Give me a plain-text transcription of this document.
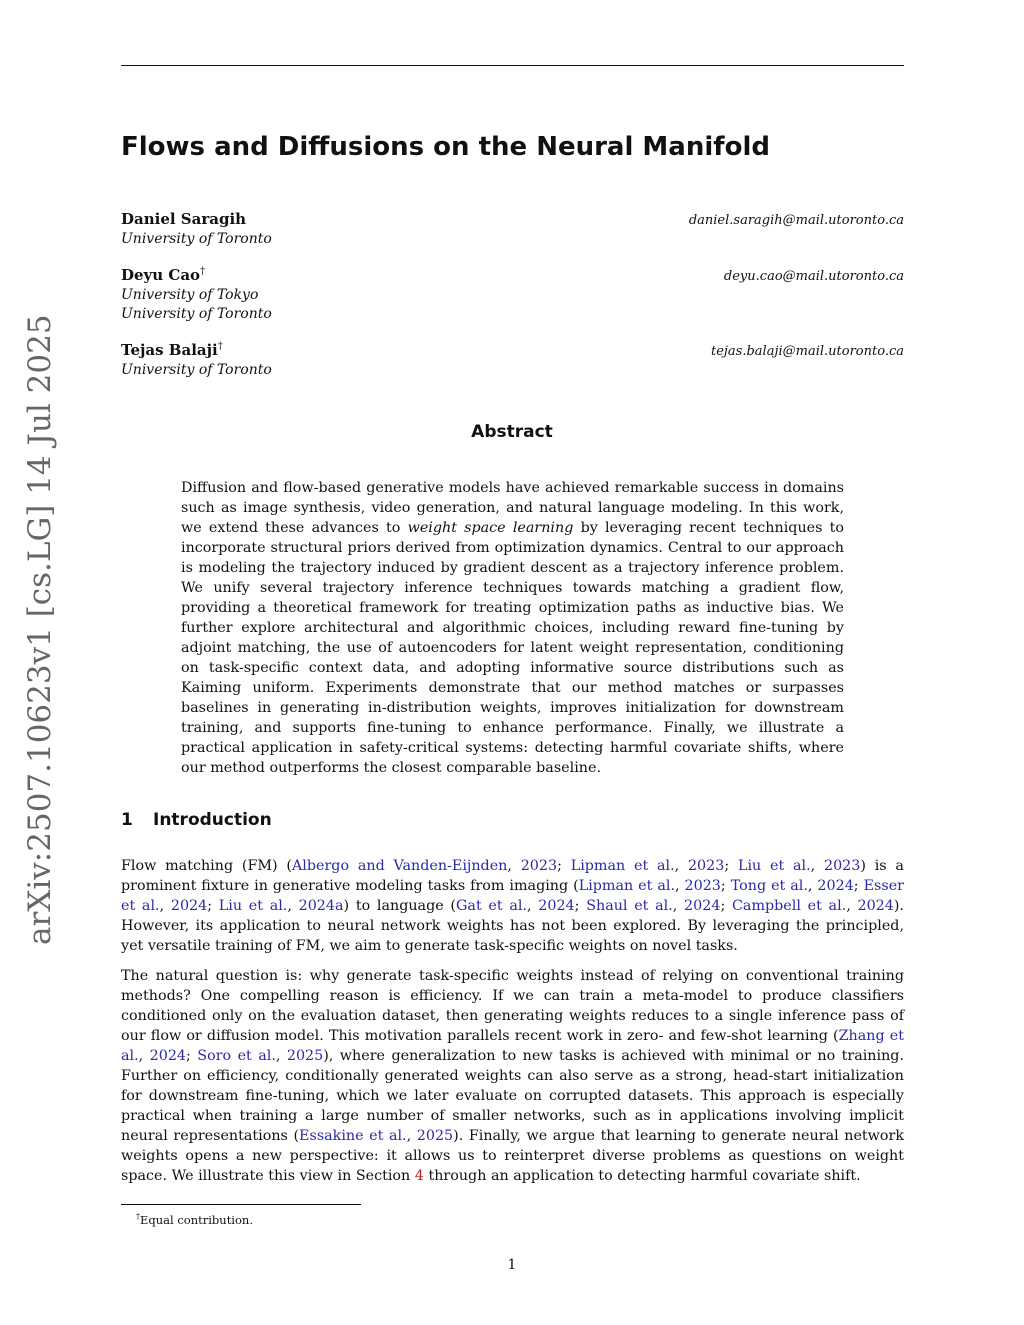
arXiv:2507.10623v1 [cs.LG] 14 Jul 2025
Flows and Diffusions on the Neural Manifold
Daniel Saragih	daniel.saragih@mail.utoronto.ca
University of Toronto
Deyu Cao†	deyu.cao@mail.utoronto.ca
University of Tokyo
University of Toronto
Tejas Balaji†	tejas.balaji@mail.utoronto.ca
University of Toronto
Abstract

Diffusion and flow-based generative models have achieved remarkable success in domains such as image synthesis, video generation, and natural language modeling. In this work, we extend these advances to weight space learning by leveraging recent techniques to incorporate structural priors derived from optimization dynamics. Central to our approach is modeling the trajectory induced by gradient descent as a trajectory inference problem. We unify several trajectory inference techniques towards matching a gradient flow, providing a theoretical framework for treating optimization paths as inductive bias. We further explore architectural and algorithmic choices, including reward fine-tuning by adjoint matching, the use of autoencoders for latent weight representation, conditioning on task-specific context data, and adopting informative source distributions such as Kaiming uniform. Experiments demonstrate that our method matches or surpasses baselines in generating in-distribution weights, improves initialization for downstream training, and supports fine-tuning to enhance performance. Finally, we illustrate a practical application in safety-critical systems: detecting harmful covariate shifts, where our method outperforms the closest comparable baseline.

1 Introduction

Flow matching (FM) (Albergo and Vanden-Eijnden, 2023; Lipman et al., 2023; Liu et al., 2023) is a prominent fixture in generative modeling tasks from imaging (Lipman et al., 2023; Tong et al., 2024; Esser et al., 2024; Liu et al., 2024a) to language (Gat et al., 2024; Shaul et al., 2024; Campbell et al., 2024). However, its application to neural network weights has not been explored. By leveraging the principled, yet versatile training of FM, we aim to generate task-specific weights on novel tasks.

The natural question is: why generate task-specific weights instead of relying on conventional training methods? One compelling reason is efficiency. If we can train a meta-model to produce classifiers conditioned only on the evaluation dataset, then generating weights reduces to a single inference pass of our flow or diffusion model. This motivation parallels recent work in zero- and few-shot learning (Zhang et al., 2024; Soro et al., 2025), where generalization to new tasks is achieved with minimal or no training. Further on efficiency, conditionally generated weights can also serve as a strong, head-start initialization for downstream fine-tuning, which we later evaluate on corrupted datasets. This approach is especially practical when training a large number of smaller networks, such as in applications involving implicit neural representations (Essakine et al., 2025). Finally, we argue that learning to generate neural network weights opens a new perspective: it allows us to reinterpret diverse problems as questions on weight space. We illustrate this view in Section 4 through an application to detecting harmful covariate shift.

†Equal contribution.
1
